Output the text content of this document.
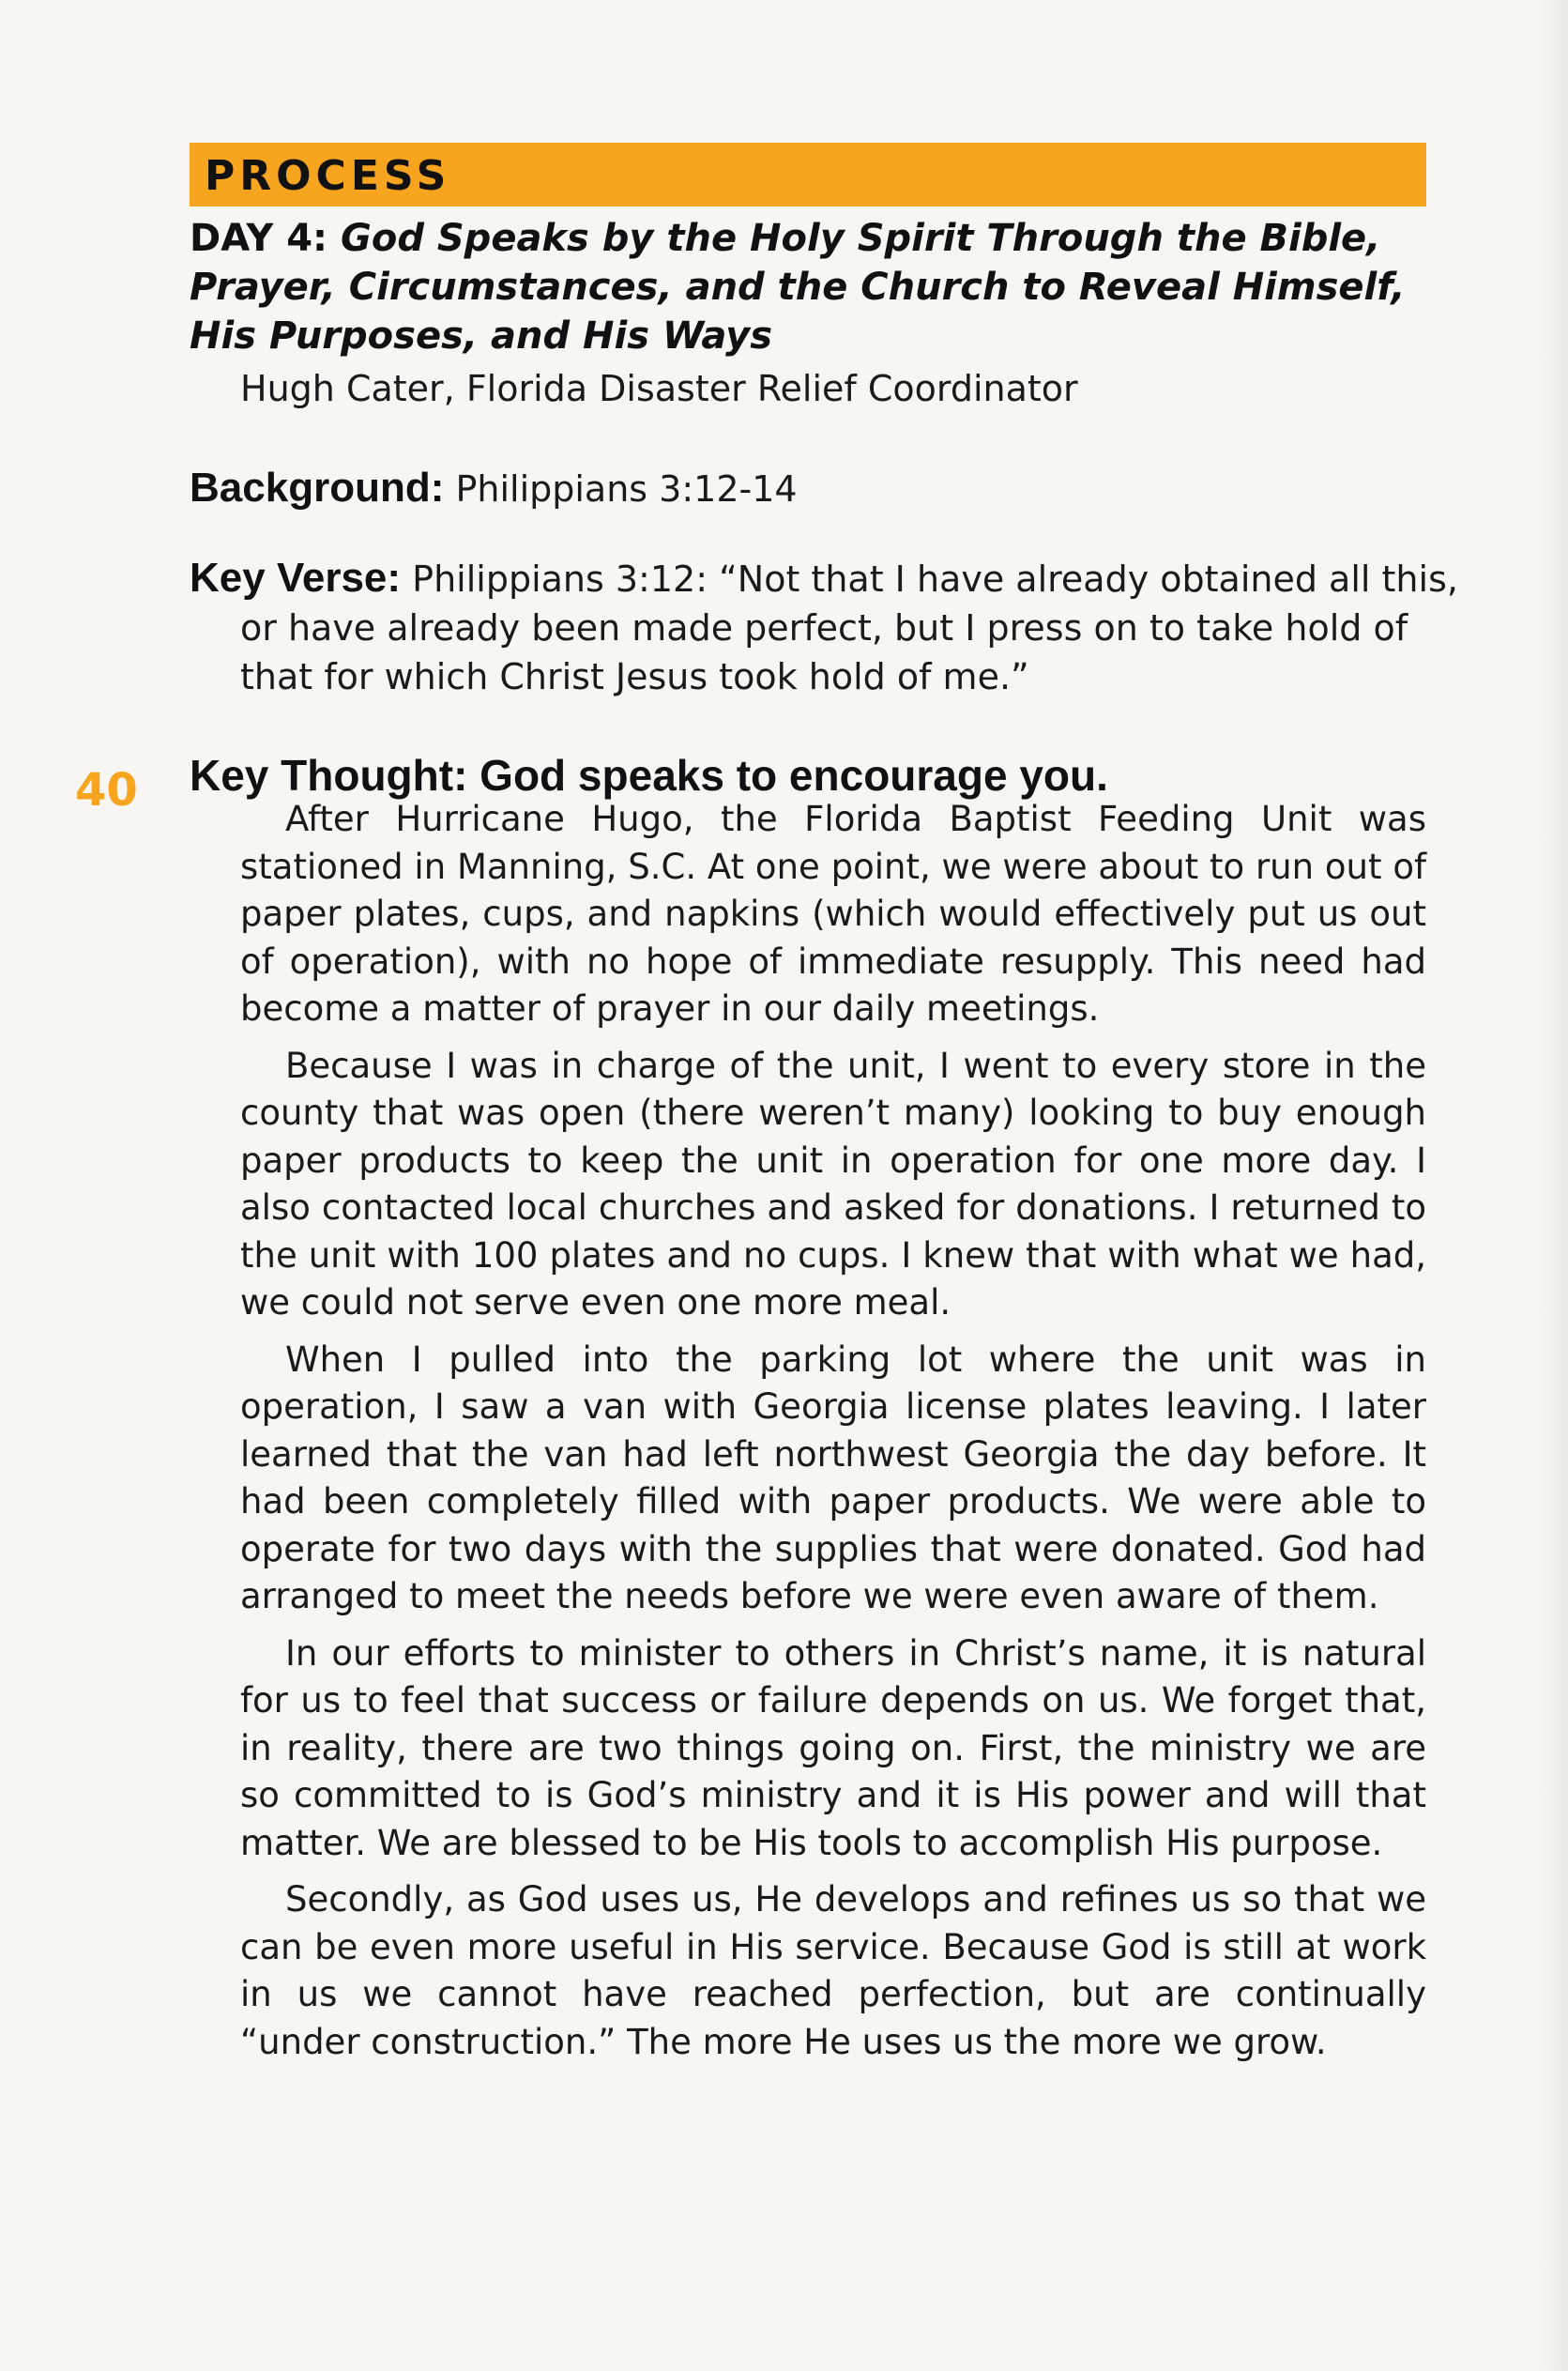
PROCESS
DAY 4: God Speaks by the Holy Spirit Through the Bible, Prayer, Circumstances, and the Church to Reveal Himself, His Purposes, and His Ways
Hugh Cater, Florida Disaster Relief Coordinator
Background: Philippians 3:12-14
Key Verse: Philippians 3:12: “Not that I have already obtained all this, or have already been made perfect, but I press on to take hold of that for which Christ Jesus took hold of me.”
40 Key Thought: God speaks to encourage you.

After Hurricane Hugo, the Florida Baptist Feeding Unit was stationed in Manning, S.C. At one point, we were about to run out of paper plates, cups, and napkins (which would effectively put us out of operation), with no hope of immediate resupply. This need had become a matter of prayer in our daily meetings.

Because I was in charge of the unit, I went to every store in the county that was open (there weren’t many) looking to buy enough paper products to keep the unit in operation for one more day. I also contacted local churches and asked for donations. I returned to the unit with 100 plates and no cups. I knew that with what we had, we could not serve even one more meal.

When I pulled into the parking lot where the unit was in operation, I saw a van with Georgia license plates leaving. I later learned that the van had left northwest Georgia the day before. It had been completely filled with paper products. We were able to operate for two days with the supplies that were donated. God had arranged to meet the needs before we were even aware of them.

In our efforts to minister to others in Christ’s name, it is natural for us to feel that success or failure depends on us. We forget that, in reality, there are two things going on. First, the ministry we are so committed to is God’s ministry and it is His power and will that matter. We are blessed to be His tools to accomplish His purpose.

Secondly, as God uses us, He develops and refines us so that we can be even more useful in His service. Because God is still at work in us we cannot have reached perfection, but are continually “under construction.” The more He uses us the more we grow.
